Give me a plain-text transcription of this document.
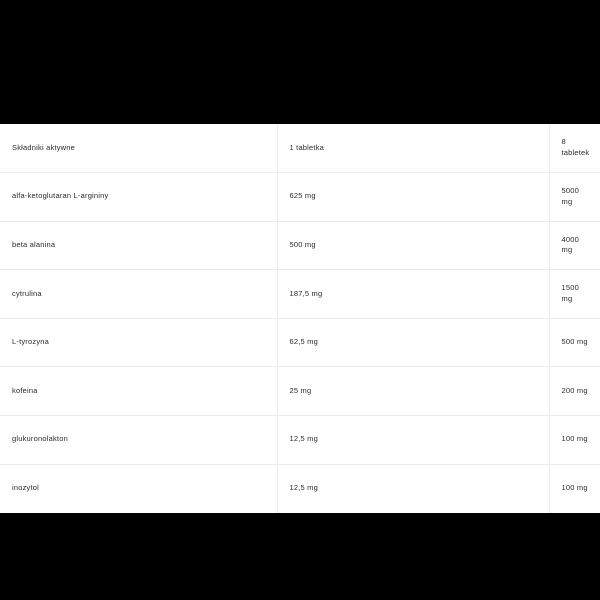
Składniki aktywne	1 tabletka	8 tabletek
alfa-ketoglutaran L-argininy	625 mg	5000 mg
beta alanina	500 mg	4000 mg
cytrulina	187,5 mg	1500 mg
L-tyrozyna	62,5 mg	500 mg
kofeina	25 mg	200 mg
glukuronolakton	12,5 mg	100 mg
inozytol	12,5 mg	100 mg
